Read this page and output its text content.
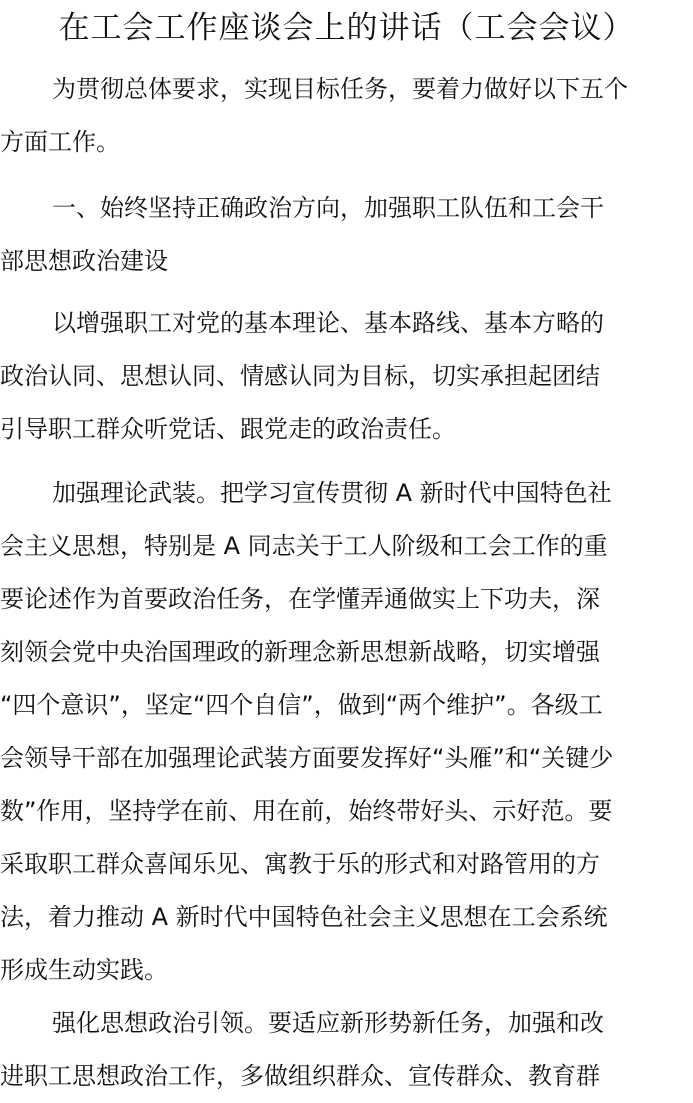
在工会工作座谈会上的讲话（工会会议）

为贯彻总体要求，实现目标任务，要着力做好以下五个
方面工作。

一、始终坚持正确政治方向，加强职工队伍和工会干
部思想政治建设

以增强职工对党的基本理论、基本路线、基本方略的
政治认同、思想认同、情感认同为目标，切实承担起团结
引导职工群众听党话、跟党走的政治责任。

加强理论武装。把学习宣传贯彻 A 新时代中国特色社
会主义思想，特别是 A 同志关于工人阶级和工会工作的重
要论述作为首要政治任务，在学懂弄通做实上下功夫，深
刻领会党中央治国理政的新理念新思想新战略，切实增强
“四个意识”，坚定“四个自信”，做到“两个维护”。各级工
会领导干部在加强理论武装方面要发挥好“头雁”和“关键少
数”作用，坚持学在前、用在前，始终带好头、示好范。要
采取职工群众喜闻乐见、寓教于乐的形式和对路管用的方
法，着力推动 A 新时代中国特色社会主义思想在工会系统
形成生动实践。

强化思想政治引领。要适应新形势新任务，加强和改
进职工思想政治工作，多做组织群众、宣传群众、教育群
